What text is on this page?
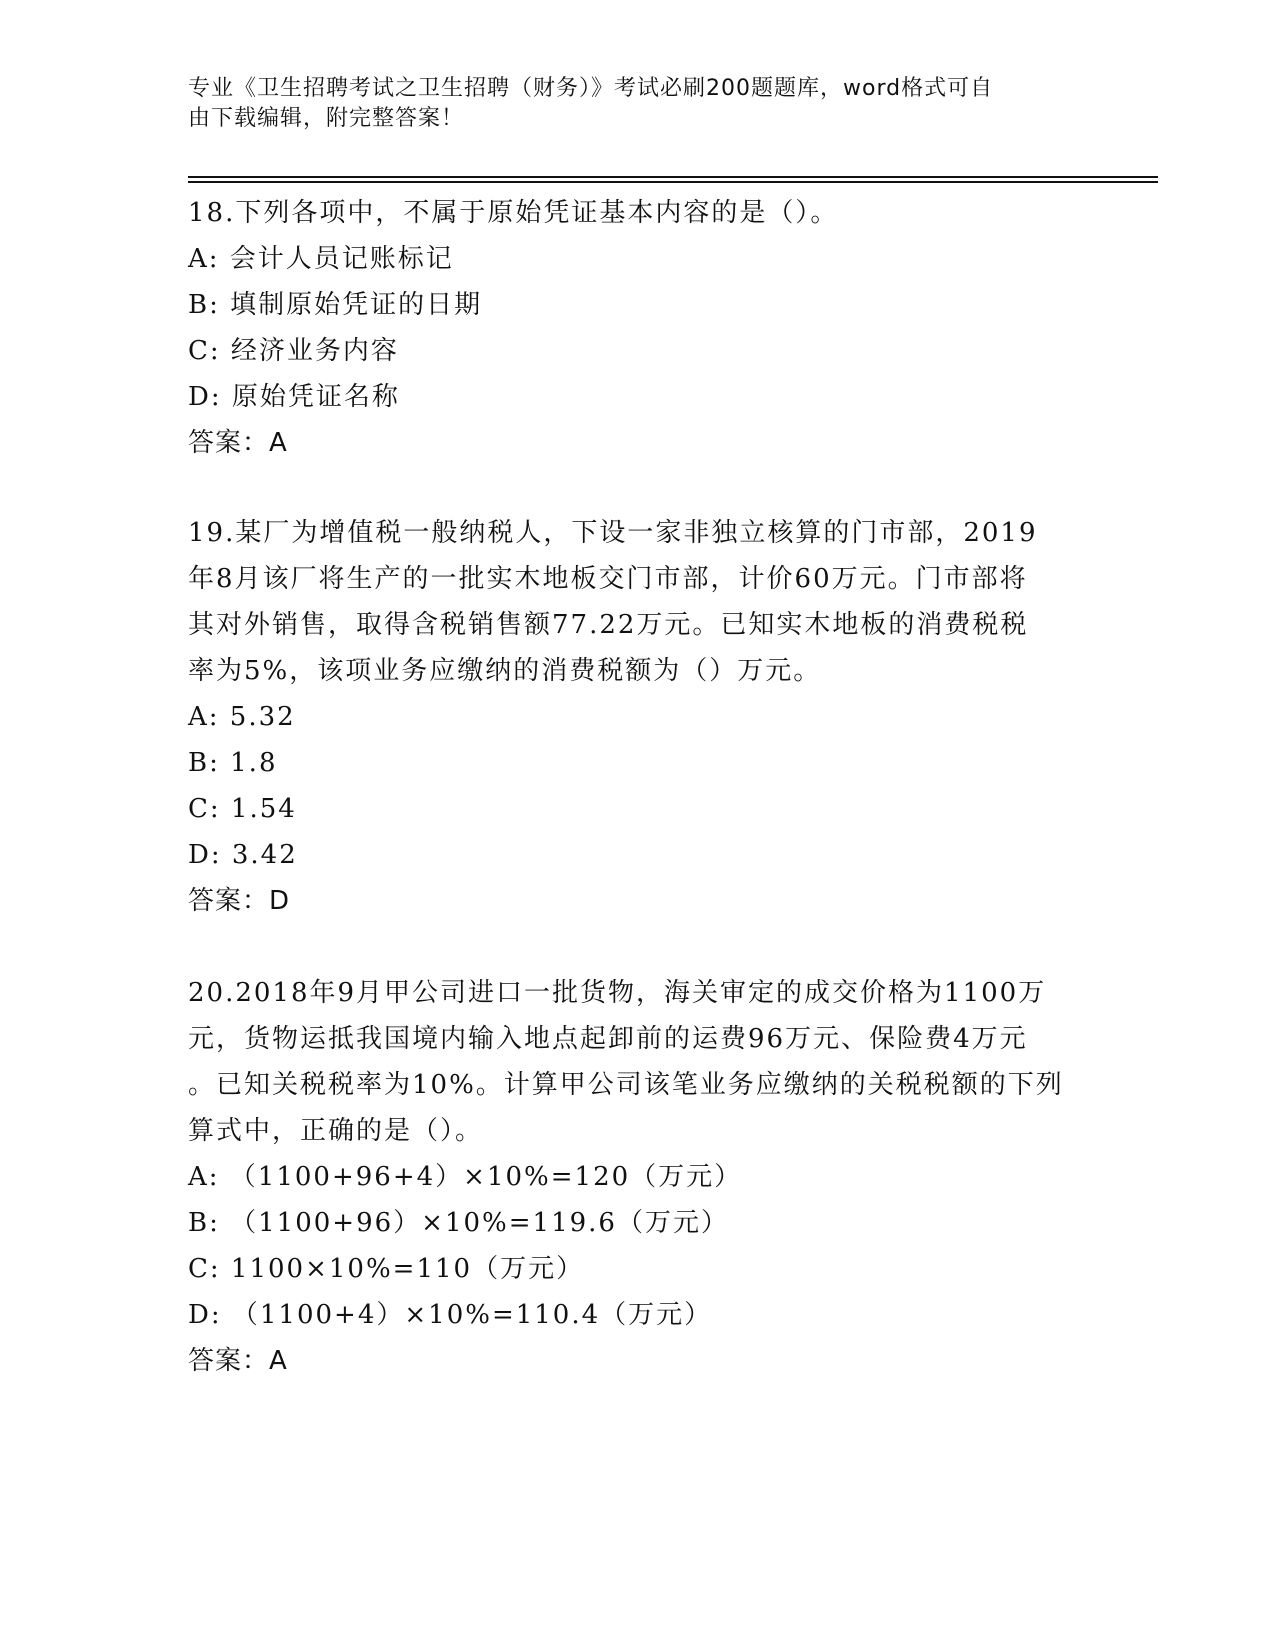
专业《卫生招聘考试之卫生招聘（财务）》考试必刷200题题库，word格式可自
由下载编辑，附完整答案！

18.下列各项中，不属于原始凭证基本内容的是（）。

A: 会计人员记账标记

B: 填制原始凭证的日期

C: 经济业务内容

D: 原始凭证名称

答案：A

19.某厂为增值税一般纳税人，下设一家非独立核算的门市部，2019

年8月该厂将生产的一批实木地板交门市部，计价60万元。门市部将

其对外销售，取得含税销售额77.22万元。已知实木地板的消费税税

率为5%，该项业务应缴纳的消费税额为（）万元。

A: 5.32

B: 1.8

C: 1.54

D: 3.42

答案：D

20.2018年9月甲公司进口一批货物，海关审定的成交价格为1100万

元，货物运抵我国境内输入地点起卸前的运费96万元、保险费4万元

。已知关税税率为10%。计算甲公司该笔业务应缴纳的关税税额的下列

算式中，正确的是（）。

A: （1100+96+4）×10%=120（万元）

B: （1100+96）×10%=119.6（万元）

C: 1100×10%=110（万元）

D: （1100+4）×10%=110.4（万元）

答案：A
